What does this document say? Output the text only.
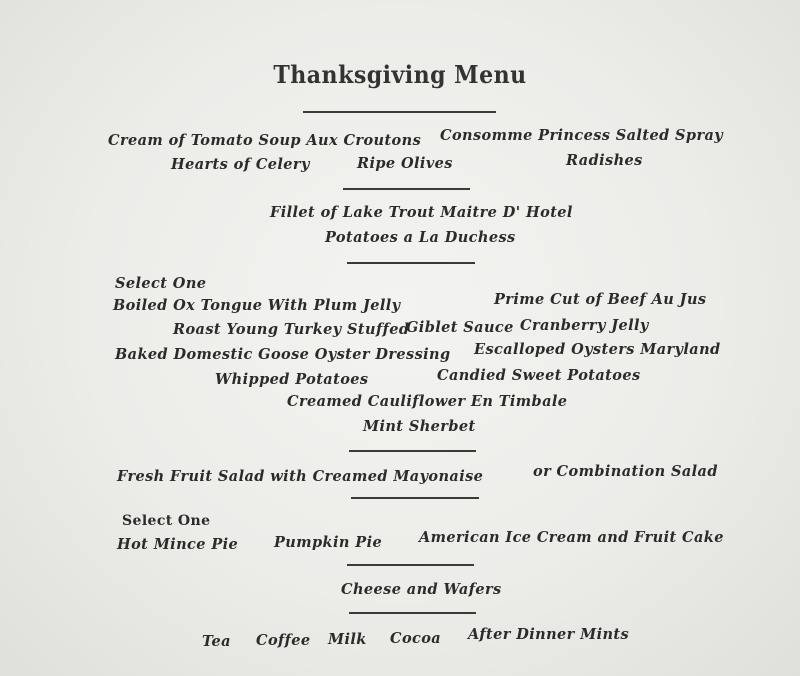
Thanksgiving Menu
Cream of Tomato Soup Aux Croutons Consomme Princess Salted Spray
Hearts of Celery	Ripe Olives	Radishes
Fillet of Lake Trout Maitre D' Hotel
Potatoes a La Duchess
Select One
Boiled Ox Tongue With Plum Jelly	Prime Cut of Beef Au Jus
Roast Young Turkey Stuffed
Giblet Sauce Cranberry Jelly
Baked Domestic Goose Oyster Dressing Escalloped Oysters Maryland
Whipped Potatoes	Candied Sweet Potatoes
Creamed Cauliflower En Timbale
Mint Sherbet
Fresh Fruit Salad with Creamed Mayonaise	or Combination Salad
Select One
Hot Mince Pie Pumpkin Pie	American Ice Cream and Fruit Cake
Cheese and Wafers
Tea Coffee Milk Cocoa After Dinner Mints
